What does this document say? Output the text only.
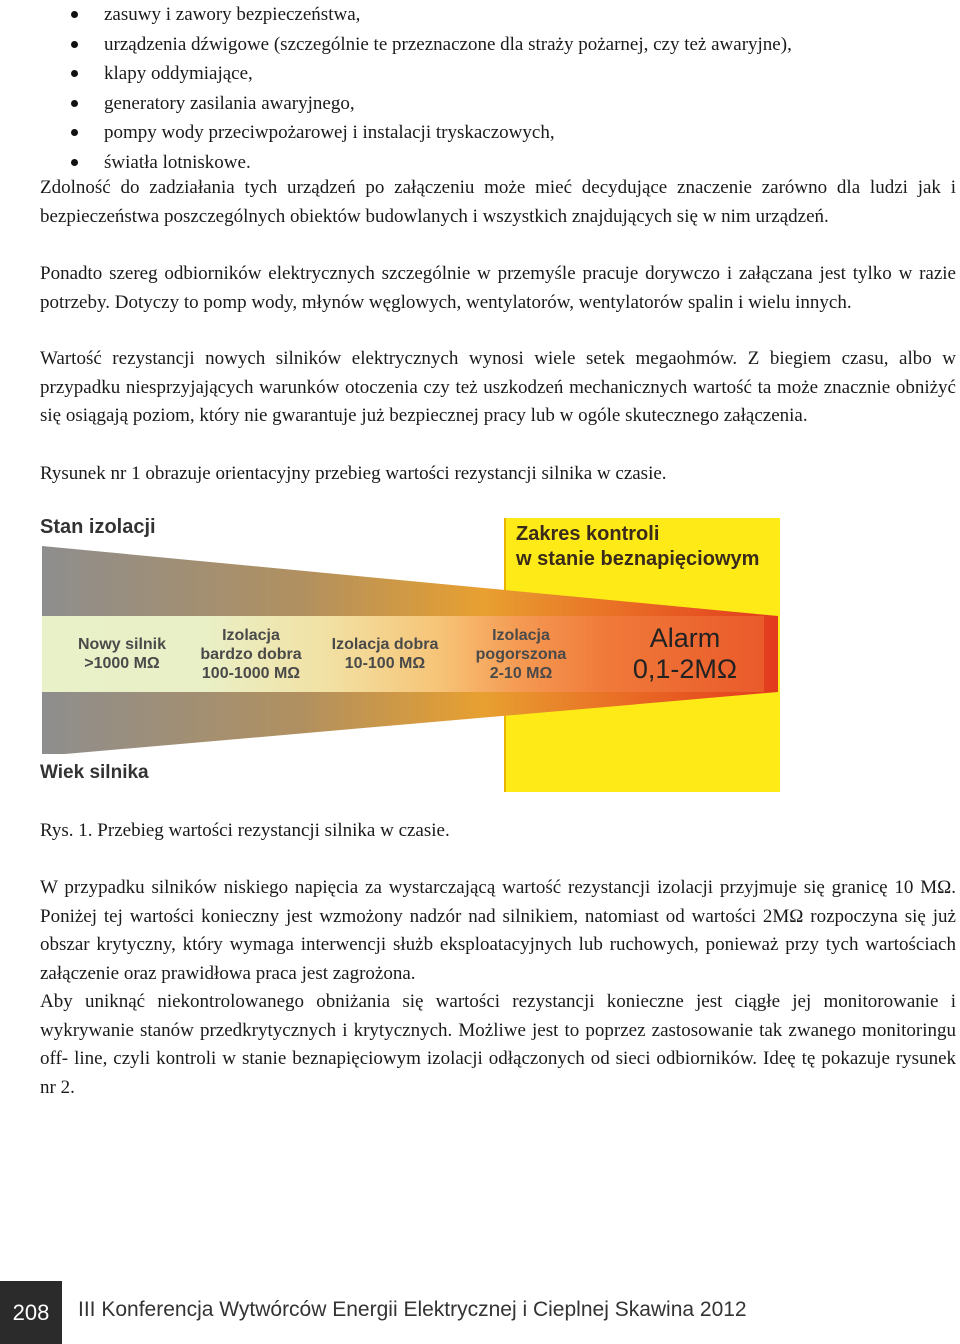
zasuwy i zawory bezpieczeństwa,
urządzenia dźwigowe (szczególnie te przeznaczone dla straży pożarnej, czy też awaryjne),
klapy oddymiające,
generatory zasilania awaryjnego,
pompy wody przeciwpożarowej i instalacji tryskaczowych,
światła lotniskowe.

Zdolność do zadziałania tych urządzeń po załączeniu może mieć decydujące znaczenie zarówno dla ludzi jak i bezpieczeństwa poszczególnych obiektów budowlanych i wszystkich znajdujących się w nim urządzeń.

Ponadto szereg odbiorników elektrycznych szczególnie w przemyśle pracuje dorywczo i załączana jest tylko w razie potrzeby. Dotyczy to pomp wody, młynów węglowych, wentylatorów, wentylatorów spalin i wielu innych.

Wartość rezystancji nowych silników elektrycznych wynosi wiele setek megaohmów. Z biegiem czasu, albo w przypadku niesprzyjających warunków otoczenia czy też uszkodzeń mechanicznych wartość ta może znacznie obniżyć się osiągają poziom, który nie gwarantuje już bezpiecznej pracy lub w ogóle skutecznego załączenia.

Rysunek nr 1 obrazuje orientacyjny przebieg wartości rezystancji silnika w czasie.

Zakres kontroli
w stanie beznapięciowym
Stan izolacji
Nowy silnik
>1000 MΩ
Izolacja
bardzo dobra
100-1000 MΩ
Izolacja dobra
10-100 MΩ
Izolacja
pogorszona
2-10 MΩ
Alarm
0,1-2MΩ
Wiek silnika

Rys. 1. Przebieg wartości rezystancji silnika w czasie.

W przypadku silników niskiego napięcia za wystarczającą wartość rezystancji izolacji przyjmuje się granicę 10 MΩ. Poniżej tej wartości konieczny jest wzmożony nadzór nad silnikiem, natomiast od wartości 2MΩ rozpoczyna się już obszar krytyczny, który wymaga interwencji służb eksploatacyjnych lub ruchowych, ponieważ przy tych wartościach załączenie oraz prawidłowa praca jest zagrożona.

Aby uniknąć niekontrolowanego obniżania się wartości rezystancji konieczne jest ciągłe jej monitorowanie i wykrywanie stanów przedkrytycznych i krytycznych. Możliwe jest to poprzez zastosowanie tak zwanego monitoringu off- line, czyli kontroli w stanie beznapięciowym izolacji odłączonych od sieci odbiorników. Ideę tę pokazuje rysunek nr 2.

208 III Konferencja Wytwórców Energii Elektrycznej i Cieplnej Skawina 2012
